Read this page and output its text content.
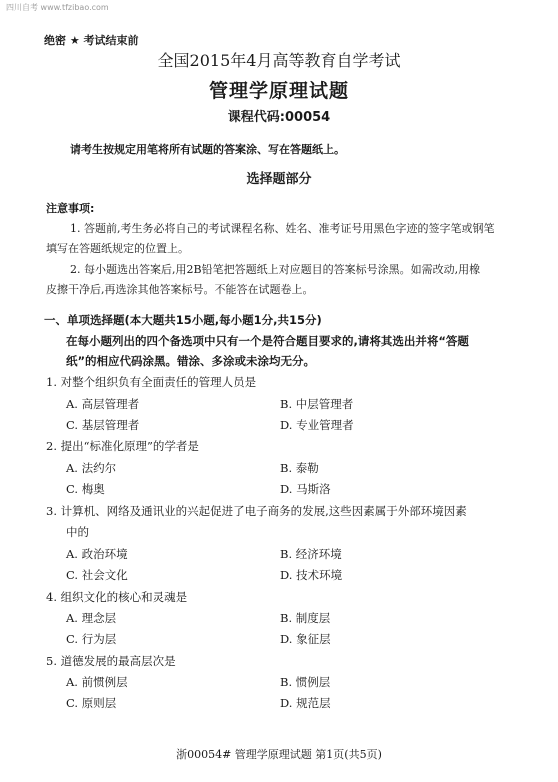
四川自考 www.tfzibao.com
绝密 ★ 考试结束前
全国2015年4月高等教育自学考试
管理学原理试题
课程代码:00054
请考生按规定用笔将所有试题的答案涂、写在答题纸上。
选择题部分
注意事项:
1. 答题前,考生务必将自己的考试课程名称、姓名、准考证号用黑色字迹的签字笔或钢笔
填写在答题纸规定的位置上。
2. 每小题选出答案后,用2B铅笔把答题纸上对应题目的答案标号涂黑。如需改动,用橡
皮擦干净后,再选涂其他答案标号。不能答在试题卷上。
一、单项选择题(本大题共15小题,每小题1分,共15分)
在每小题列出的四个备选项中只有一个是符合题目要求的,请将其选出并将“答题
纸”的相应代码涂黑。错涂、多涂或未涂均无分。
1. 对整个组织负有全面责任的管理人员是
A. 高层管理者	B. 中层管理者
C. 基层管理者	D. 专业管理者
2. 提出“标准化原理”的学者是
A. 法约尔	B. 泰勒
C. 梅奥	D. 马斯洛
3. 计算机、网络及通讯业的兴起促进了电子商务的发展,这些因素属于外部环境因素
中的
A. 政治环境	B. 经济环境
C. 社会文化	D. 技术环境
4. 组织文化的核心和灵魂是
A. 理念层	B. 制度层
C. 行为层	D. 象征层
5. 道德发展的最高层次是
A. 前惯例层	B. 惯例层
C. 原则层	D. 规范层
浙00054# 管理学原理试题 第1页(共5页)
